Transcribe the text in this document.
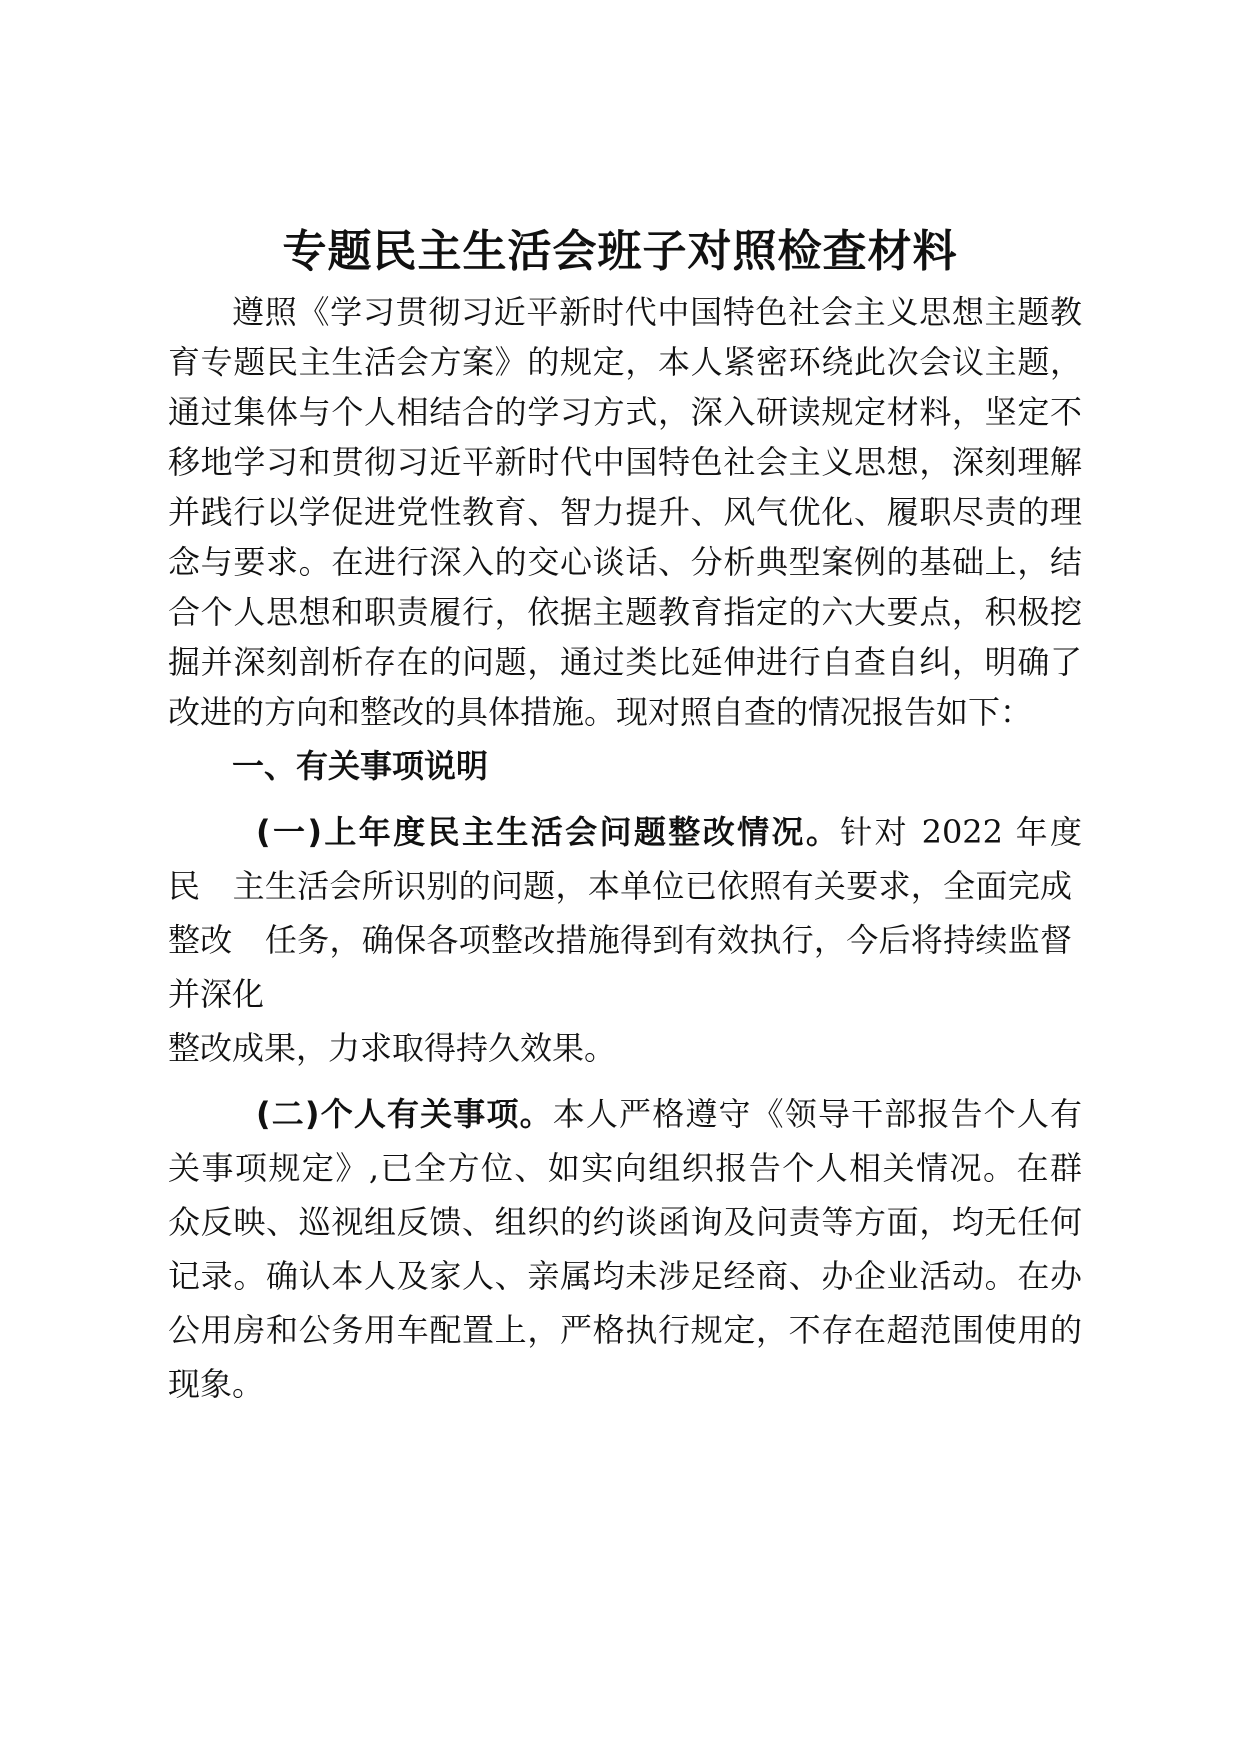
专题民主生活会班子对照检查材料
遵照《学习贯彻习近平新时代中国特色社会主义思想主题教
育专题民主生活会方案》的规定，本人紧密环绕此次会议主题，
通过集体与个人相结合的学习方式，深入研读规定材料，坚定不
移地学习和贯彻习近平新时代中国特色社会主义思想，深刻理解
并践行以学促进党性教育、智力提升、风气优化、履职尽责的理
念与要求。在进行深入的交心谈话、分析典型案例的基础上，结
合个人思想和职责履行，依据主题教育指定的六大要点，积极挖
掘并深刻剖析存在的问题，通过类比延伸进行自查自纠，明确了
改进的方向和整改的具体措施。现对照自查的情况报告如下：
一、有关事项说明
(一)上年度民主生活会问题整改情况。针对 2022 年度
民　主生活会所识别的问题，本单位已依照有关要求，全面完成
整改　任务，确保各项整改措施得到有效执行，今后将持续监督
并深化
整改成果，力求取得持久效果。
(二)个人有关事项。本人严格遵守《领导干部报告个人有
关事项规定》,已全方位、如实向组织报告个人相关情况。在群
众反映、巡视组反馈、组织的约谈函询及问责等方面，均无任何
记录。确认本人及家人、亲属均未涉足经商、办企业活动。在办
公用房和公务用车配置上，严格执行规定，不存在超范围使用的
现象。
